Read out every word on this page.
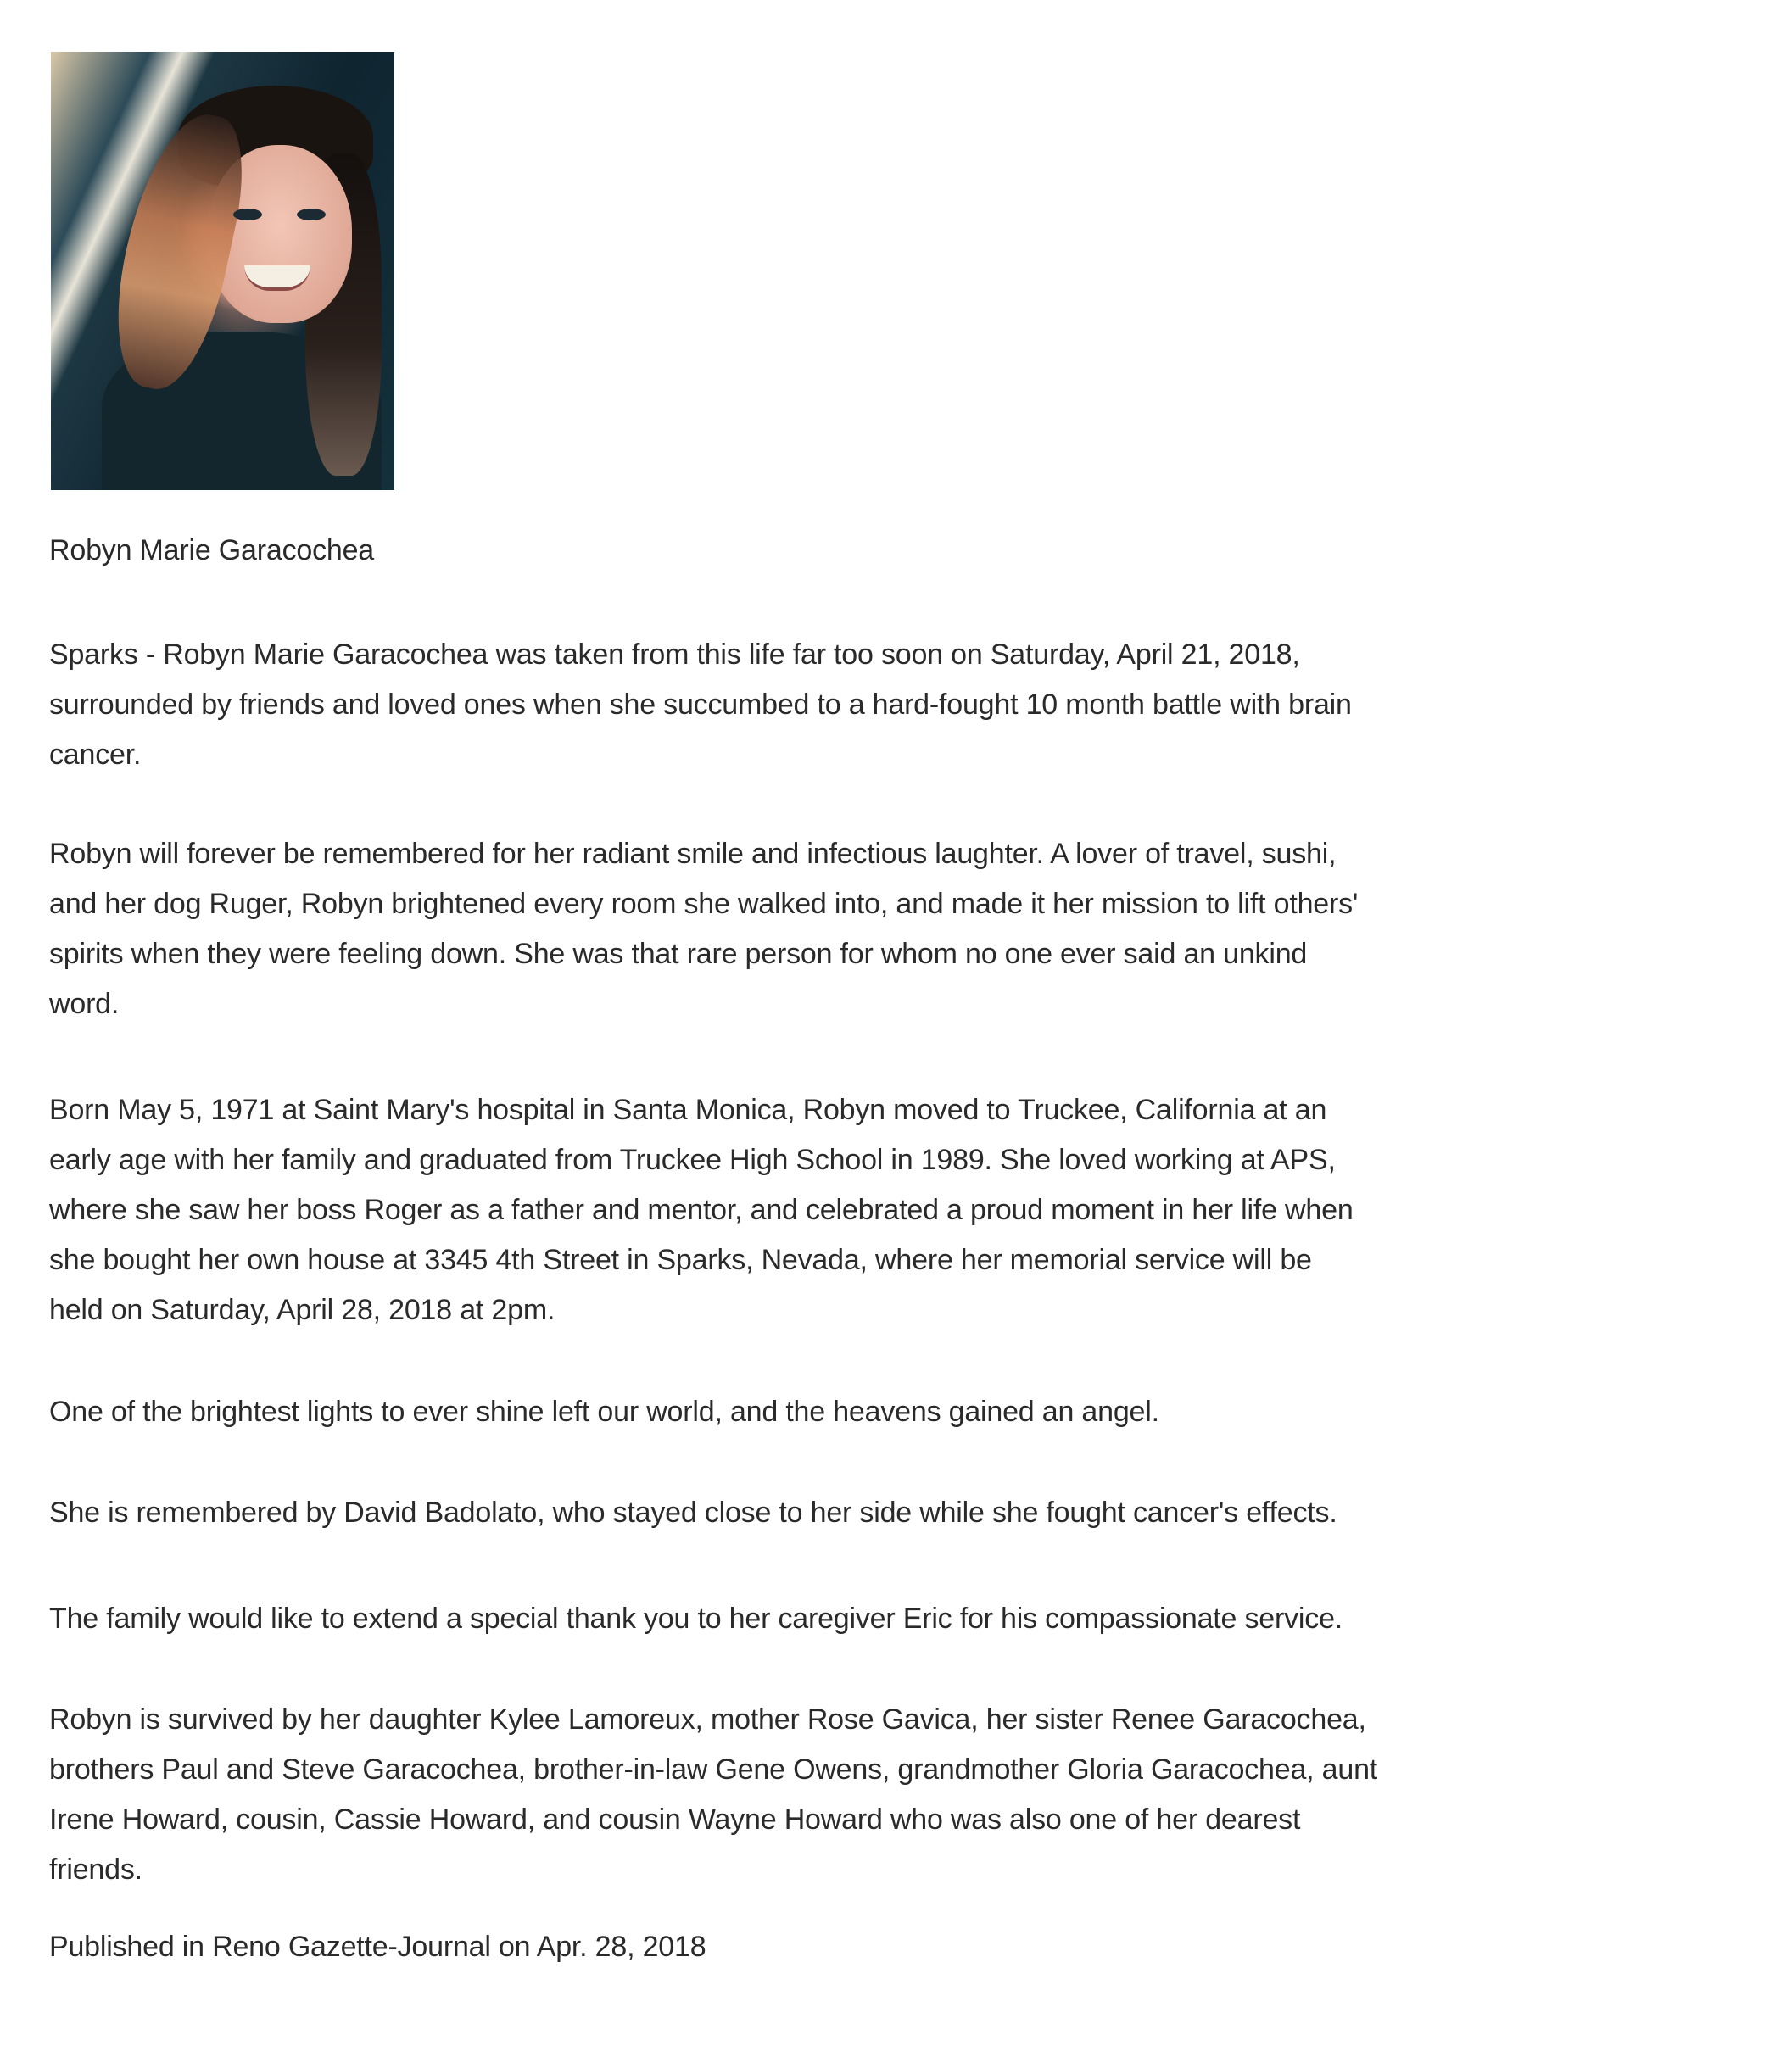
Robyn Marie Garacochea

Sparks - Robyn Marie Garacochea was taken from this life far too soon on Saturday, April 21, 2018,
surrounded by friends and loved ones when she succumbed to a hard-fought 10 month battle with brain
cancer.

Robyn will forever be remembered for her radiant smile and infectious laughter. A lover of travel, sushi,
and her dog Ruger, Robyn brightened every room she walked into, and made it her mission to lift others'
spirits when they were feeling down. She was that rare person for whom no one ever said an unkind
word.

Born May 5, 1971 at Saint Mary's hospital in Santa Monica, Robyn moved to Truckee, California at an
early age with her family and graduated from Truckee High School in 1989. She loved working at APS,
where she saw her boss Roger as a father and mentor, and celebrated a proud moment in her life when
she bought her own house at 3345 4th Street in Sparks, Nevada, where her memorial service will be
held on Saturday, April 28, 2018 at 2pm.

One of the brightest lights to ever shine left our world, and the heavens gained an angel.

She is remembered by David Badolato, who stayed close to her side while she fought cancer's effects.

The family would like to extend a special thank you to her caregiver Eric for his compassionate service.

Robyn is survived by her daughter Kylee Lamoreux, mother Rose Gavica, her sister Renee Garacochea,
brothers Paul and Steve Garacochea, brother-in-law Gene Owens, grandmother Gloria Garacochea, aunt
Irene Howard, cousin, Cassie Howard, and cousin Wayne Howard who was also one of her dearest
friends.

Published in Reno Gazette-Journal on Apr. 28, 2018
